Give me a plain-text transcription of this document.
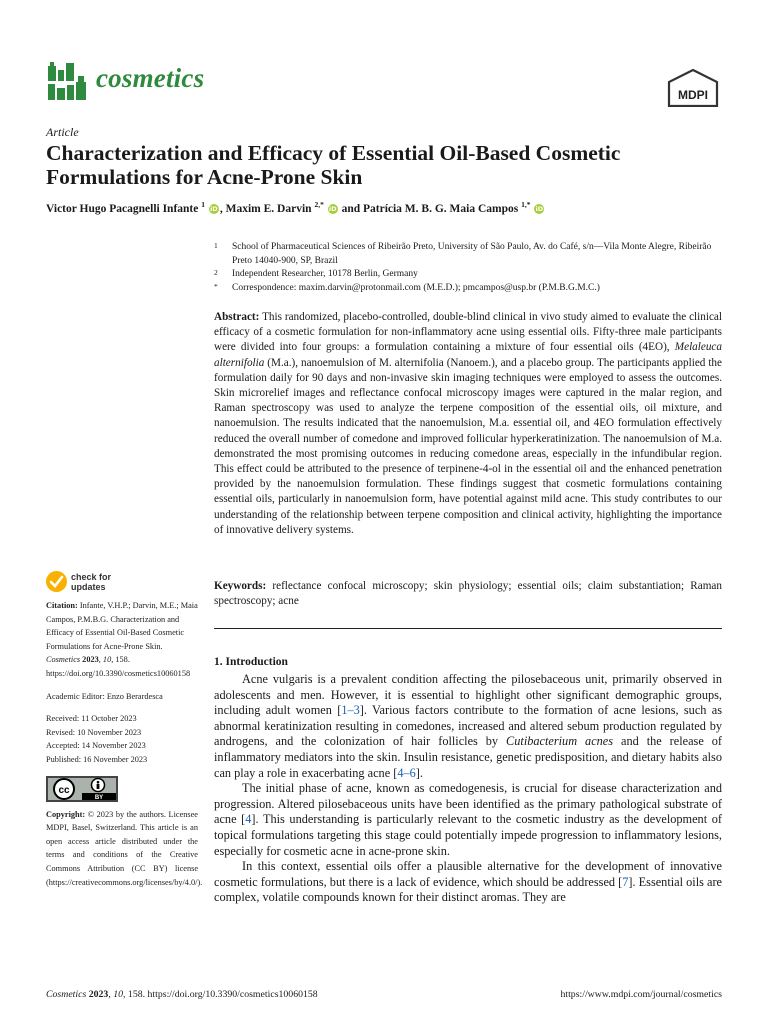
cosmetics
MDPI
Article
Characterization and Efficacy of Essential Oil-Based Cosmetic Formulations for Acne-Prone Skin
Victor Hugo Pacagnelli Infante $^1$ iD , Maxim E. Darvin $^{2,*}$ iD and Patrícia M. B. G. Maia Campos $^{1,*}$ iD
1 School of Pharmaceutical Sciences of Ribeirão Preto, University of São Paulo, Av. do Café, s/n—Vila Monte Alegre, Ribeirão Preto 14040-900, SP, Brazil
2 Independent Researcher, 10178 Berlin, Germany
* Correspondence: maxim.darvin@protonmail.com (M.E.D.); pmcampos@usp.br (P.M.B.G.M.C.)
Abstract: This randomized, placebo-controlled, double-blind clinical in vivo study aimed to evaluate the clinical efficacy of a cosmetic formulation for non-inflammatory acne using essential oils. Fifty-three male participants were divided into four groups: a formulation containing a mixture of four essential oils (4EO), Melaleuca alternifolia (M.a.), nanoemulsion of M. alternifolia (Nanoem.), and a placebo group. The participants applied the formulation daily for 90 days and non-invasive skin imaging techniques were employed to assess the outcomes. Skin microrelief images and reflectance confocal microscopy images were captured in the malar region, and Raman spectroscopy was used to analyze the terpene composition of the essential oils, oil mixture, and nanoemulsion. The results indicated that the nanoemulsion, M.a. essential oil, and 4EO formulation effectively reduced the overall number of comedone and improved follicular hyperkeratinization. The nanoemulsion of M.a. demonstrated the most promising outcomes in reducing comedone areas, especially in the infundibular region. This effect could be attributed to the presence of terpinene-4-ol in the essential oil and the enhanced penetration provided by the nanoemulsion formulation. These findings suggest that cosmetic formulations containing essential oils, particularly in nanoemulsion form, have potential against mild acne. This study contributes to our understanding of the relationship between terpene composition and clinical activity, highlighting the importance of innovative delivery systems.
Keywords: reflectance confocal microscopy; skin physiology; essential oils; claim substantiation; Raman spectroscopy; acne
check for
updates
Citation: Infante, V.H.P.; Darvin, M.E.; Maia Campos, P.M.B.G. Characterization and Efficacy of Essential Oil-Based Cosmetic Formulations for Acne-Prone Skin. Cosmetics 2023, 10, 158. https://doi.org/10.3390/cosmetics10060158
Academic Editor: Enzo Berardesca
Received: 11 October 2023
Revised: 10 November 2023
Accepted: 14 November 2023
Published: 16 November 2023
cc
BY
Copyright: © 2023 by the authors. Licensee MDPI, Basel, Switzerland. This article is an open access article distributed under the terms and conditions of the Creative Commons Attribution (CC BY) license (https://creativecommons.org/licenses/by/4.0/).
1. Introduction

Acne vulgaris is a prevalent condition affecting the pilosebaceous unit, primarily observed in adolescents and men. However, it is essential to highlight other significant demographic groups, including adult women [1–3]. Various factors contribute to the formation of acne lesions, such as abnormal keratinization resulting in comedones, increased and altered sebum production regulated by androgens, and the colonization of hair follicles by Cutibacterium acnes and the release of inflammatory mediators into the skin. Insulin resistance, genetic predisposition, and dietary habits also can play a role in exacerbating acne [4–6].

The initial phase of acne, known as comedogenesis, is crucial for disease characterization and progression. Altered pilosebaceous units have been identified as the primary pathological substrate of acne [4]. This understanding is particularly relevant to the cosmetic industry as the development of topical formulations targeting this stage could potentially impede progression to inflammatory lesions, especially for cosmetic acne in acne-prone skin.

In this context, essential oils offer a plausible alternative for the development of innovative cosmetic formulations, but there is a lack of evidence, which should be addressed [7]. Essential oils are complex, volatile compounds known for their distinct aromas. They are

Cosmetics 2023, 10, 158. https://doi.org/10.3390/cosmetics10060158	https://www.mdpi.com/journal/cosmetics
